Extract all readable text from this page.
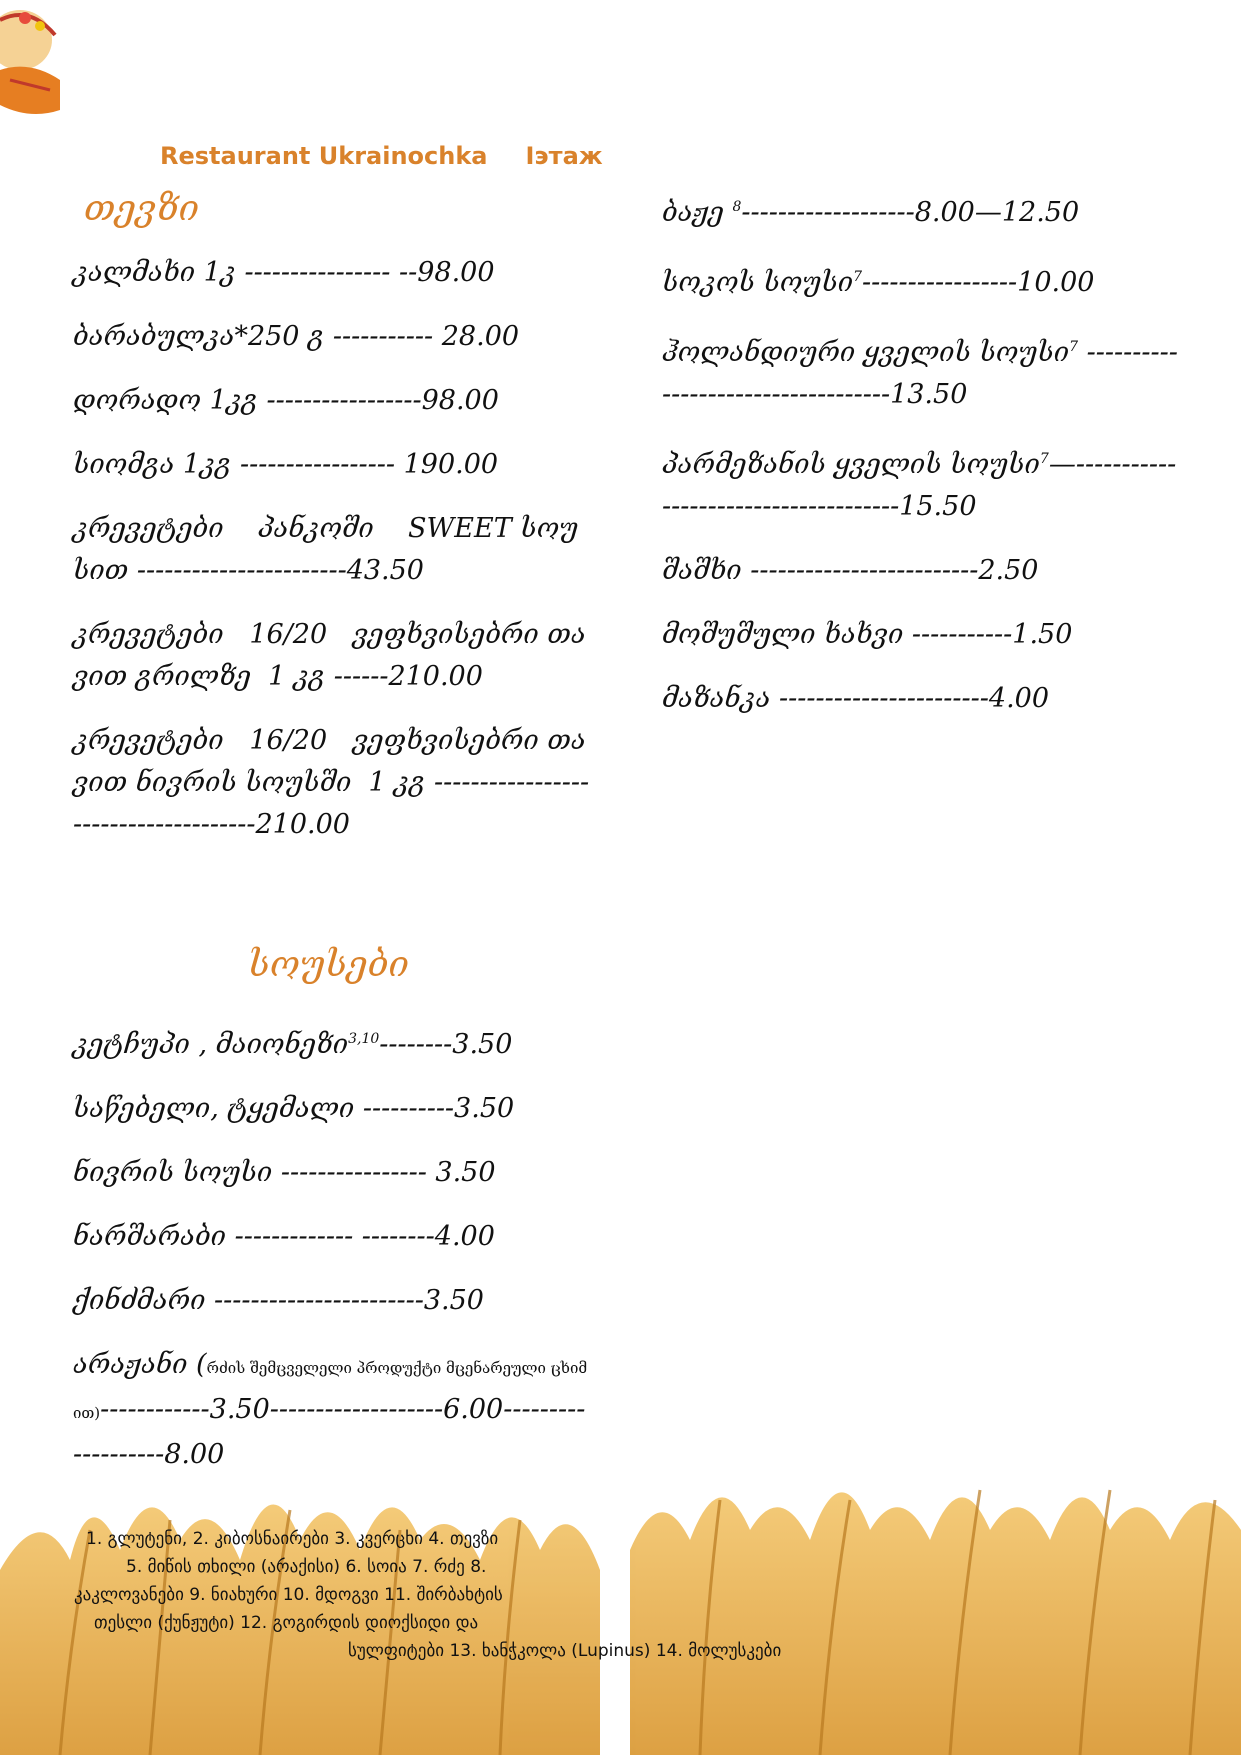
Restaurant Ukrainochka Iэтаж
თევზი

კალმახი 1კ ---------------- --98.00

ბარაბულკა*250 გ ----------- 28.00

დორადო 1კგ -----------------98.00

სიომგა 1კგ ----------------- 190.00

კრევეტები    პანკოში    SWEET სოუსით -----------------------43.50

კრევეტები   16/20   ვეფხვისებრი თავით გრილზე  1 კგ ------210.00

კრევეტები   16/20   ვეფხვისებრი თავით ნივრის სოუსში  1 კგ -------------------------------------210.00

ბაჟე $^8$-------------------8.00—12.50

სოკოს სოუსი$^7$-----------------10.00

ჰოლანდიური ყველის სოუსი$^7$ -----------------------------------13.50

პარმეზანის ყველის სოუსი$^7$—-------------------------------------15.50

შაშხი -------------------------2.50

მოშუშული ხახვი -----------1.50

მაზანკა -----------------------4.00

სოუსები

კეტჩუპი , მაიონეზი$^{3,10}$--------3.50

საწებელი, ტყემალი ----------3.50

ნივრის სოუსი ---------------- 3.50

ნარშარაბი ------------- --------4.00

ქინძმარი -----------------------3.50

არაჟანი (რძის შემცველელი პროდუქტი მცენარეული ცხიმით)------------3.50-------------------6.00-------------------8.00

1. გლუტენი, 2. კიბოსნაირები 3. კვერცხი 4. თევზი
5. მიწის თხილი (არაქისი) 6. სოია 7. რძე 8.
კაკლოვანები 9. ნიახური 10. მდოგვი 11. შირბახტის
თესლი (ქუნჟუტი) 12. გოგირდის დიოქსიდი და
სულფიტები 13. ხანჭკოლა (Lupinus) 14. მოლუსკები
